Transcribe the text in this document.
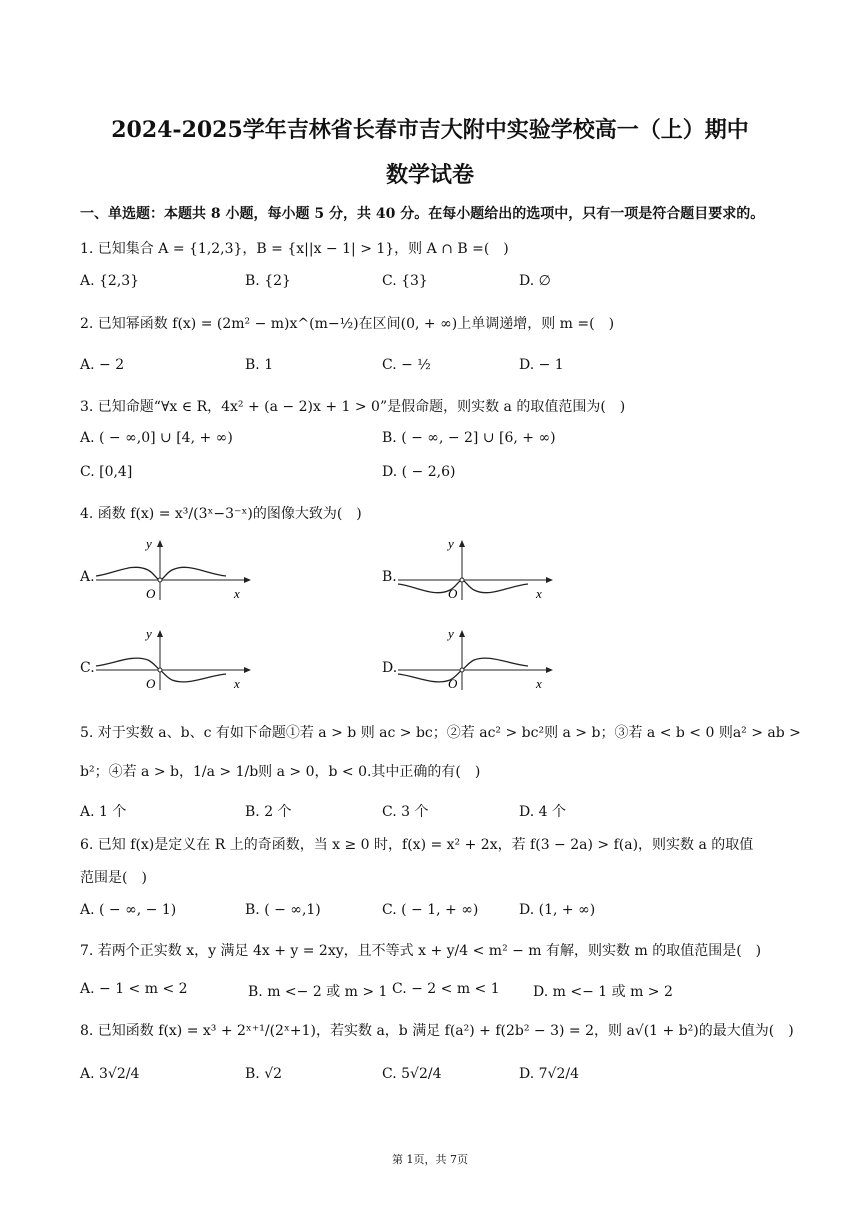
2024-2025学年吉林省长春市吉大附中实验学校高一（上）期中
数学试卷
一、单选题：本题共 8 小题，每小题 5 分，共 40 分。在每小题给出的选项中，只有一项是符合题目要求的。
1. 已知集合 A = {1,2,3}，B = {x||x − 1| > 1}，则 A ∩ B =(　)
A. {2,3}	B. {2}	C. {3}	D. ∅
2. 已知幂函数 f(x) = (2m² − m)x^(m−½)在区间(0, + ∞)上单调递增，则 m =(　)
A. − 2	B. 1	C. − ½	D. − 1
3. 已知命题“∀x ∈ R，4x² + (a − 2)x + 1 > 0”是假命题，则实数 a 的取值范围为(　)
A. ( − ∞,0] ∪ [4, + ∞)	B. ( − ∞, − 2] ∪ [6, + ∞)
C. [0,4]	D. ( − 2,6)
4. 函数 f(x) = x³/(3ˣ−3⁻ˣ)的图像大致为(　)
A.	B.
C.	D.
y
O	x
y
O	x
y
O	x
y
O	x
5. 对于实数 a、b、c 有如下命题①若 a > b 则 ac > bc；②若 ac² > bc²则 a > b；③若 a < b < 0 则a² > ab >
b²；④若 a > b，1/a > 1/b则 a > 0，b < 0.其中正确的有(　)
A. 1 个	B. 2 个	C. 3 个	D. 4 个
6. 已知 f(x)是定义在 R 上的奇函数，当 x ≥ 0 时，f(x) = x² + 2x，若 f(3 − 2a) > f(a)，则实数 a 的取值
范围是(　)
A. ( − ∞, − 1)	B. ( − ∞,1)	C. ( − 1, + ∞)	D. (1, + ∞)
7. 若两个正实数 x，y 满足 4x + y = 2xy，且不等式 x + y/4 < m² − m 有解，则实数 m 的取值范围是(　)
A. − 1 < m < 2	B. m <− 2 或 m > 1 C. − 2 < m < 1 D. m <− 1 或 m > 2
8. 已知函数 f(x) = x³ + 2ˣ⁺¹/(2ˣ+1)，若实数 a，b 满足 f(a²) + f(2b² − 3) = 2，则 a√(1 + b²)的最大值为(　)
A. 3√2/4	B. √2	C. 5√2/4	D. 7√2/4
第 1页，共 7页
